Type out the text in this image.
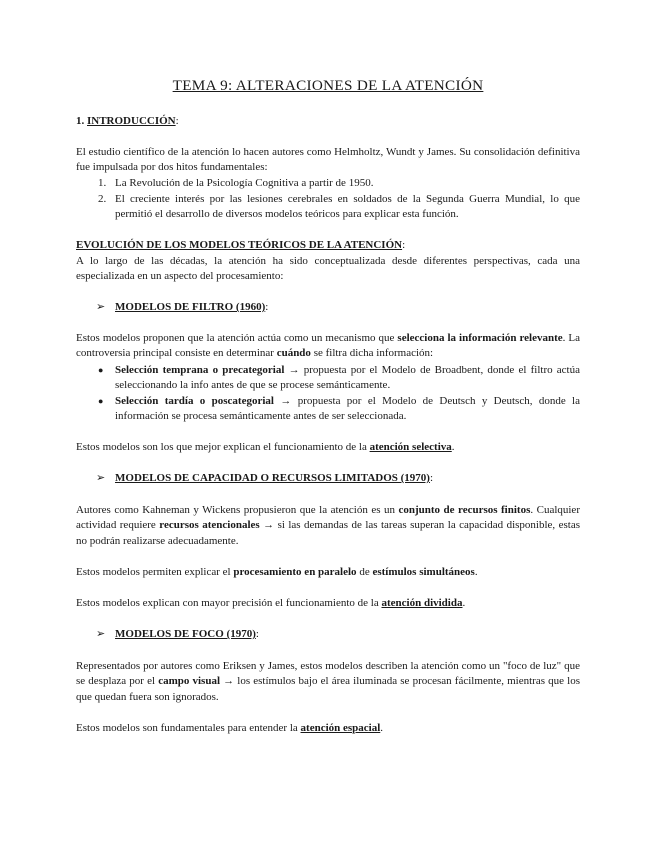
TEMA 9: ALTERACIONES DE LA ATENCIÓN
1. INTRODUCCIÓN:
El estudio científico de la atención lo hacen autores como Helmholtz, Wundt y James. Su consolidación definitiva fue impulsada por dos hitos fundamentales:
1. La Revolución de la Psicología Cognitiva a partir de 1950.
2. El creciente interés por las lesiones cerebrales en soldados de la Segunda Guerra Mundial, lo que permitió el desarrollo de diversos modelos teóricos para explicar esta función.
EVOLUCIÓN DE LOS MODELOS TEÓRICOS DE LA ATENCIÓN:
A lo largo de las décadas, la atención ha sido conceptualizada desde diferentes perspectivas, cada una especializada en un aspecto del procesamiento:
➢ MODELOS DE FILTRO (1960):
Estos modelos proponen que la atención actúa como un mecanismo que selecciona la información relevante. La controversia principal consiste en determinar cuándo se filtra dicha información:
● Selección temprana o precategorial → propuesta por el Modelo de Broadbent, donde el filtro actúa seleccionando la info antes de que se procese semánticamente.
● Selección tardía o poscategorial → propuesta por el Modelo de Deutsch y Deutsch, donde la información se procesa semánticamente antes de ser seleccionada.
Estos modelos son los que mejor explican el funcionamiento de la atención selectiva.
➢ MODELOS DE CAPACIDAD O RECURSOS LIMITADOS (1970):
Autores como Kahneman y Wickens propusieron que la atención es un conjunto de recursos finitos. Cualquier actividad requiere recursos atencionales → si las demandas de las tareas superan la capacidad disponible, estas no podrán realizarse adecuadamente.
Estos modelos permiten explicar el procesamiento en paralelo de estímulos simultáneos.
Estos modelos explican con mayor precisión el funcionamiento de la atención dividida.
➢ MODELOS DE FOCO (1970):
Representados por autores como Eriksen y James, estos modelos describen la atención como un "foco de luz" que se desplaza por el campo visual → los estímulos bajo el área iluminada se procesan fácilmente, mientras que los que quedan fuera son ignorados.
Estos modelos son fundamentales para entender la atención espacial.
